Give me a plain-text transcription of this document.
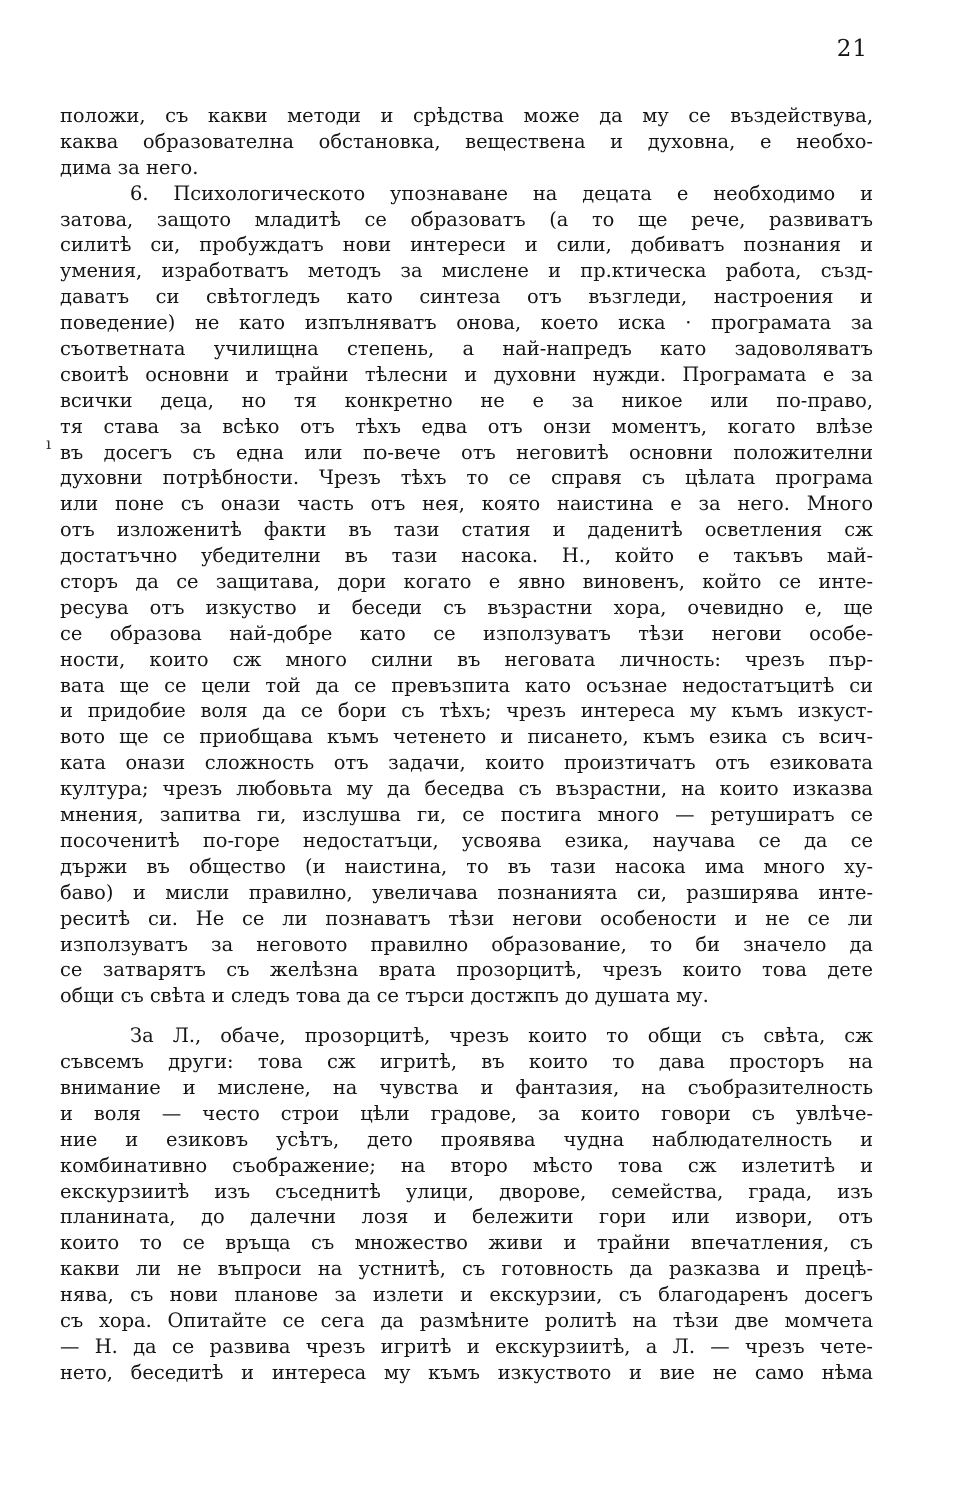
21
ı
положи, съ какви методи и срѣдства може да му се въздействува,
каква образователна обстановка, веществена и духовна, е необхо-
дима за него.
6. Психологическото упознаване на децата е необходимо и
затова, защото младитѣ се образоватъ (а то ще рече, развиватъ
силитѣ си, пробуждатъ нови интереси и сили, добиватъ познания и
умения, изработватъ методъ за мислене и пр.ктическа работа, създ-
даватъ си свѣтогледъ като синтеза отъ възгледи, настроения и
поведение) не като изпълняватъ онова, което иска · програмата за
съответната училищна степень, а най-напредъ като задоволяватъ
своитѣ основни и трайни тѣлесни и духовни нужди. Програмата е за
всички деца, но тя конкретно не е за никое или по-право,
тя става за всѣко отъ тѣхъ едва отъ онзи моментъ, когато влѣзе
въ досегъ съ една или по-вече отъ неговитѣ основни положителни
духовни потрѣбности. Чрезъ тѣхъ то се справя съ цѣлата програма
или поне съ онази часть отъ нея, която наистина е за него. Много
отъ изложенитѣ факти въ тази статия и даденитѣ осветления сж
достатъчно убедителни въ тази насока. Н., който е такъвъ май-
сторъ да се защитава, дори когато е явно виновенъ, който се инте-
ресува отъ изкуство и беседи съ възрастни хора, очевидно е, ще
се образова най-добре като се използуватъ тѣзи негови особе-
ности, които сж много силни въ неговата личность: чрезъ пър-
вата ще се цели той да се превъзпита като осъзнае недостатъцитѣ си
и придобие воля да се бори съ тѣхъ; чрезъ интереса му къмъ изкуст-
вото ще се приобщава къмъ четенето и писането, къмъ езика съ всич-
ката онази сложность отъ задачи, които произтичатъ отъ езиковата
култура; чрезъ любовьта му да беседва съ възрастни, на които изказва
мнения, запитва ги, изслушва ги, се постига много — ретуширатъ се
посоченитѣ по-горе недостатъци, усвоява езика, научава се да се
държи въ общество (и наистина, то въ тази насока има много ху-
баво) и мисли правилно, увеличава познанията си, разширява инте-
реситѣ си. Не се ли познаватъ тѣзи негови особености и не се ли
използуватъ за неговото правилно образование, то би значело да
се затварятъ съ желѣзна врата прозорцитѣ, чрезъ които това дете
общи съ свѣта и следъ това да се търси достжпъ до душата му.
За Л., обаче, прозорцитѣ, чрезъ които то общи съ свѣта, сж
съвсемъ други: това сж игритѣ, въ които то дава просторъ на
внимание и мислене, на чувства и фантазия, на съобразителность
и воля — често строи цѣли градове, за които говори съ увлѣче-
ние и езиковъ усѣтъ, дето проявява чудна наблюдателность и
комбинативно съображение; на второ мѣсто това сж излетитѣ и
екскурзиитѣ изъ съседнитѣ улици, дворове, семейства, града, изъ
планината, до далечни лозя и бележити гори или извори, отъ
които то се връща съ множество живи и трайни впечатления, съ
какви ли не въпроси на устнитѣ, съ готовность да разказва и прецѣ-
нява, съ нови планове за излети и екскурзии, съ благодаренъ досегъ
съ хора. Опитайте се сега да размѣните ролитѣ на тѣзи две момчета
— Н. да се развива чрезъ игритѣ и екскурзиитѣ, а Л. — чрезъ чете-
нето, беседитѣ и интереса му къмъ изкуството и вие не само нѣма
